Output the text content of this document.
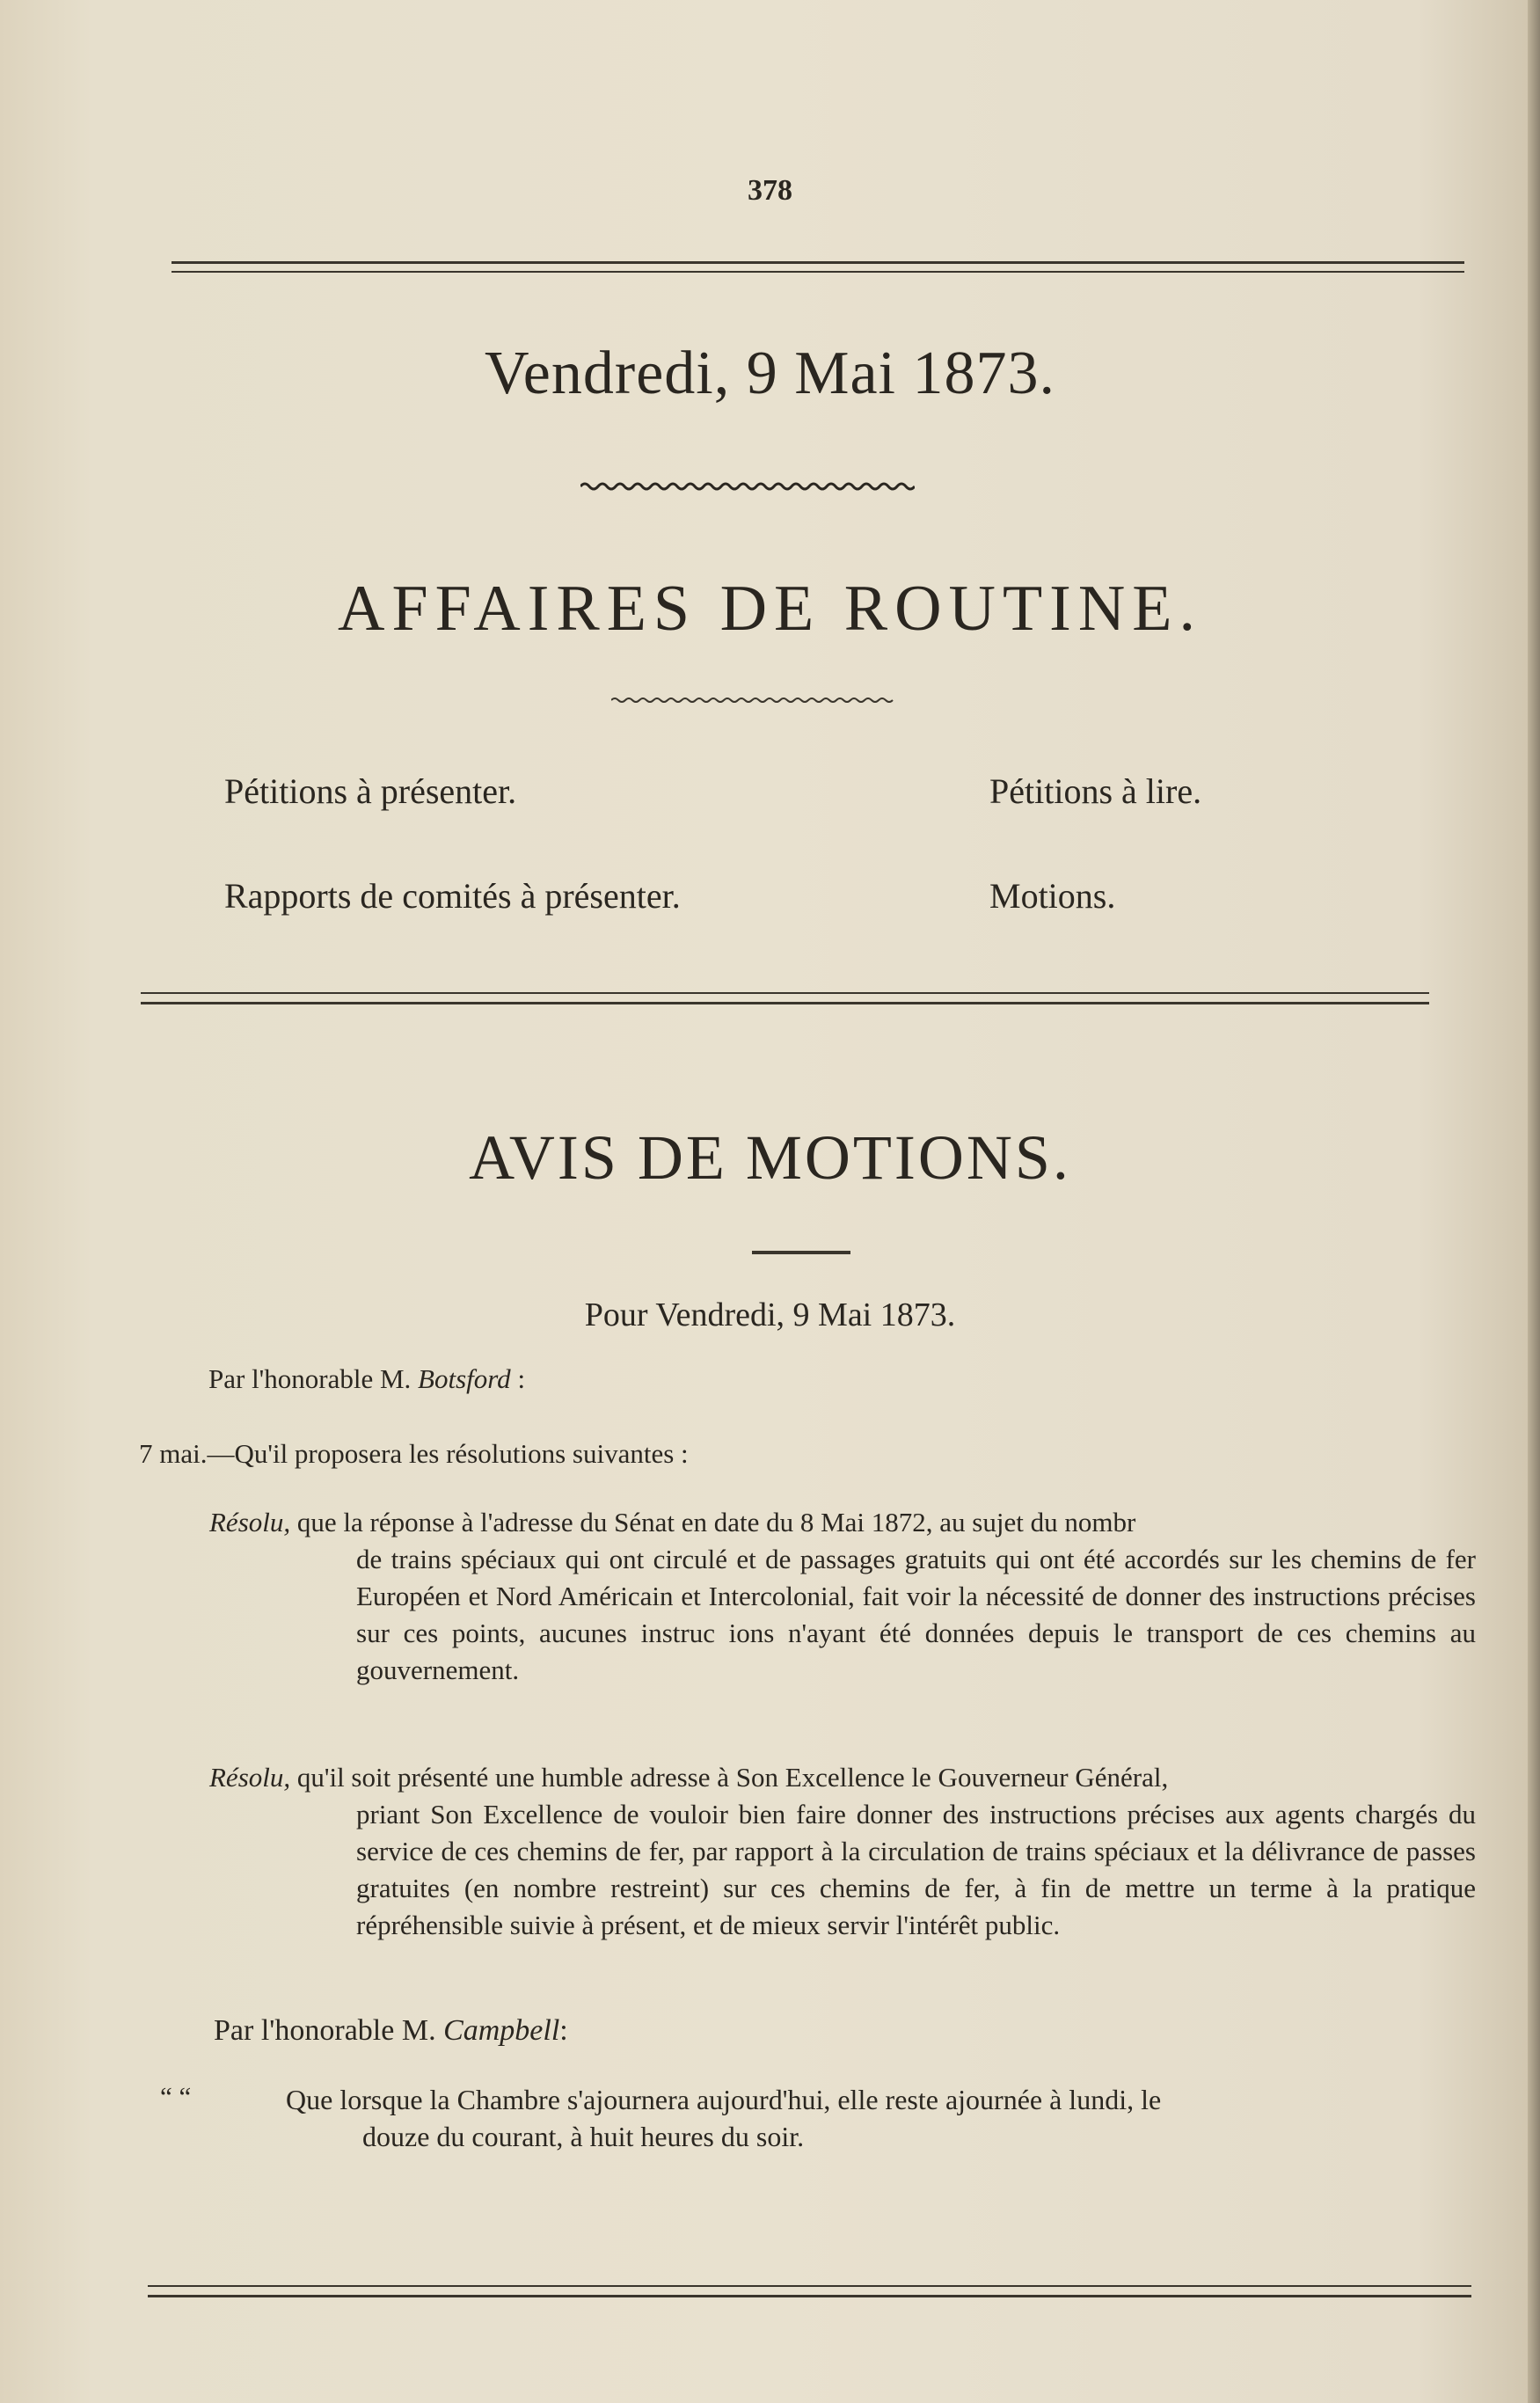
378
Vendredi, 9 Mai 1873.
AFFAIRES DE ROUTINE.
Pétitions à présenter.	Pétitions à lire.
Rapports de comités à présenter.	Motions.
AVIS DE MOTIONS.
Pour Vendredi, 9 Mai 1873.
Par l'honorable M. Botsford :
7 mai.—Qu'il proposera les résolutions suivantes :
Résolu, que la réponse à l'adresse du Sénat en date du 8 Mai 1872, au sujet du nombr
de trains spéciaux qui ont circulé et de passages gratuits qui ont été accordés sur les chemins de fer Européen et Nord Américain et Intercolonial, fait voir la nécessité de donner des instructions précises sur ces points, aucunes instruc ions n'ayant été données depuis le transport de ces chemins au gouvernement.
Résolu, qu'il soit présenté une humble adresse à Son Excellence le Gouverneur Général,
priant Son Excellence de vouloir bien faire donner des instructions précises aux agents chargés du service de ces chemins de fer, par rapport à la circulation de trains spéciaux et la délivrance de passes gratuites (en nombre restreint) sur ces chemins de fer, à fin de mettre un terme à la pratique répréhensible suivie à présent, et de mieux servir l'intérêt public.
Par l'honorable M. Campbell:
“ “	Que lorsque la Chambre s'ajournera aujourd'hui, elle reste ajournée à lundi, le
douze du courant, à huit heures du soir.
